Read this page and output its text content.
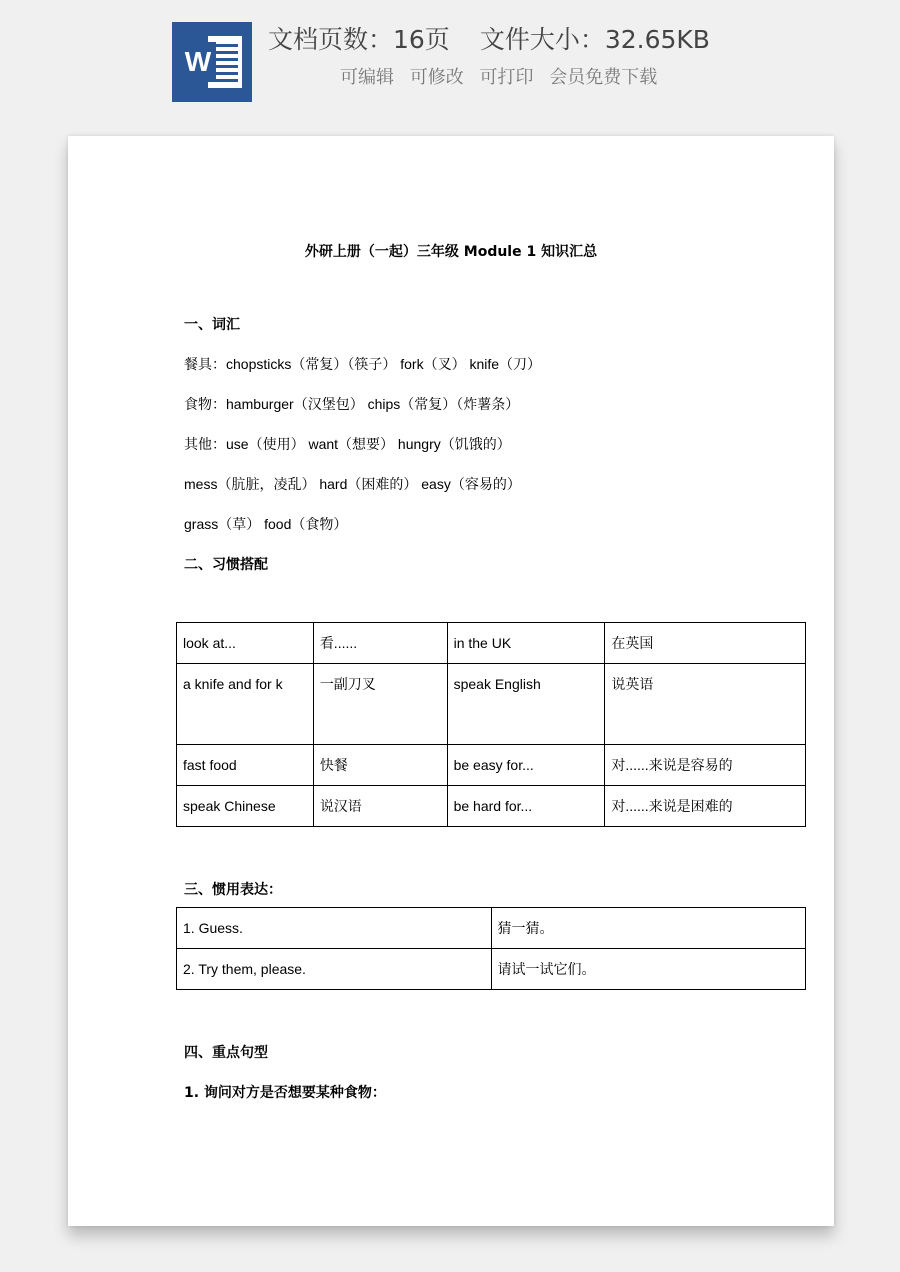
W
文档页数：16页 文件大小：32.65KB
可编辑 可修改 可打印 会员免费下载
外研上册（一起）三年级 Module 1 知识汇总
一、词汇
餐具：chopsticks（常复）（筷子） fork（叉） knife（刀）
食物：hamburger（汉堡包） chips（常复）（炸薯条）
其他：use（使用） want（想要） hungry（饥饿的）
mess（肮脏，凌乱） hard（困难的） easy（容易的）
grass（草） food（食物）
二、习惯搭配
look at...	看......	in the UK	在英国
a knife and for k	一副刀叉	speak English	说英语
fast food	快餐	be easy for...	对......来说是容易的
speak Chinese	说汉语	be hard for...	对......来说是困难的
三、惯用表达：
1. Guess.	猜一猜。
2. Try them, please.	请试一试它们。
四、重点句型
1. 询问对方是否想要某种食物：
